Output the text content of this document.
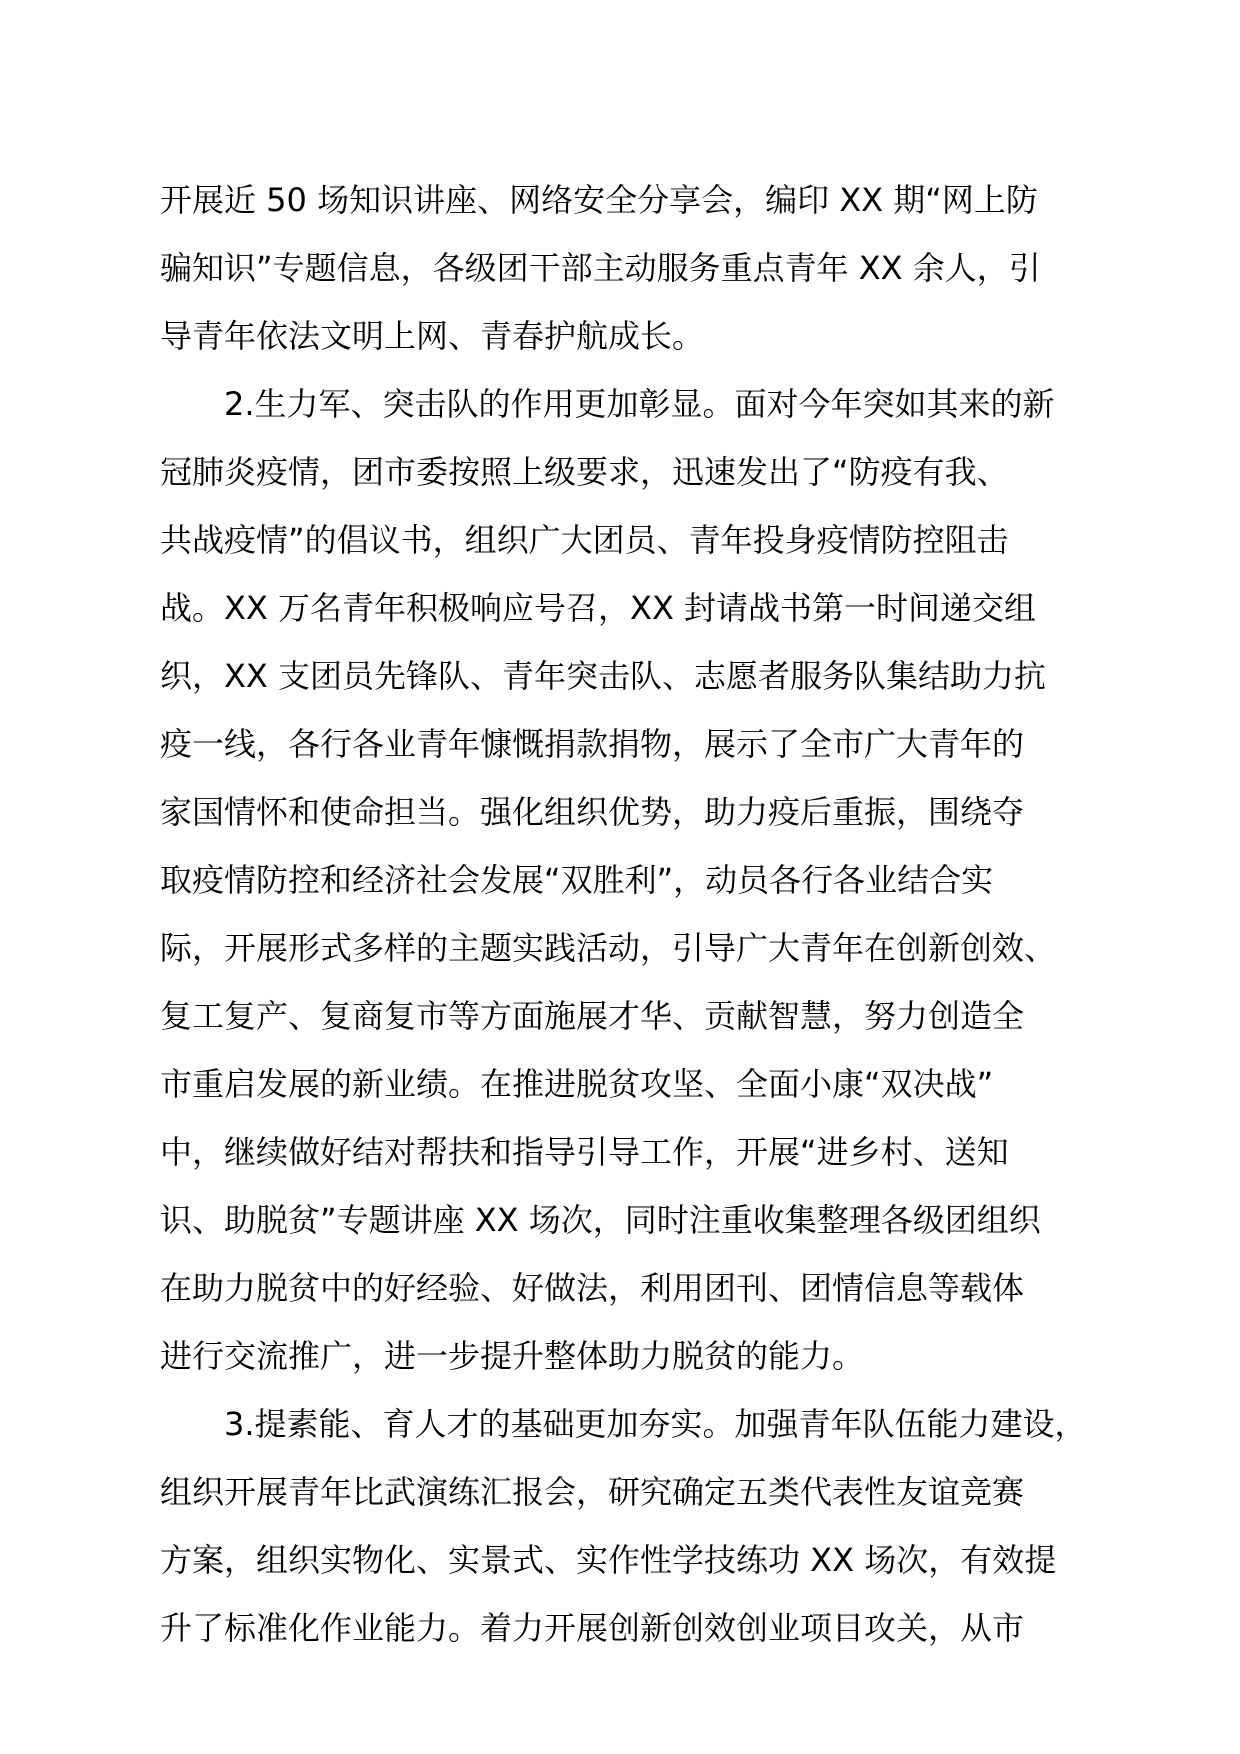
开展近 50 场知识讲座、网络安全分享会，编印 XX 期“网上防
骗知识”专题信息，各级团干部主动服务重点青年 XX 余人，引
导青年依法文明上网、青春护航成长。
2.生力军、突击队的作用更加彰显。面对今年突如其来的新
冠肺炎疫情，团市委按照上级要求，迅速发出了“防疫有我、
共战疫情”的倡议书，组织广大团员、青年投身疫情防控阻击
战。XX 万名青年积极响应号召，XX 封请战书第一时间递交组
织，XX 支团员先锋队、青年突击队、志愿者服务队集结助力抗
疫一线，各行各业青年慷慨捐款捐物，展示了全市广大青年的
家国情怀和使命担当。强化组织优势，助力疫后重振，围绕夺
取疫情防控和经济社会发展“双胜利”，动员各行各业结合实
际，开展形式多样的主题实践活动，引导广大青年在创新创效、
复工复产、复商复市等方面施展才华、贡献智慧，努力创造全
市重启发展的新业绩。在推进脱贫攻坚、全面小康“双决战”
中，继续做好结对帮扶和指导引导工作，开展“进乡村、送知
识、助脱贫”专题讲座 XX 场次，同时注重收集整理各级团组织
在助力脱贫中的好经验、好做法，利用团刊、团情信息等载体
进行交流推广，进一步提升整体助力脱贫的能力。
3.提素能、育人才的基础更加夯实。加强青年队伍能力建设，
组织开展青年比武演练汇报会，研究确定五类代表性友谊竞赛
方案，组织实物化、实景式、实作性学技练功 XX 场次，有效提
升了标准化作业能力。着力开展创新创效创业项目攻关，从市
